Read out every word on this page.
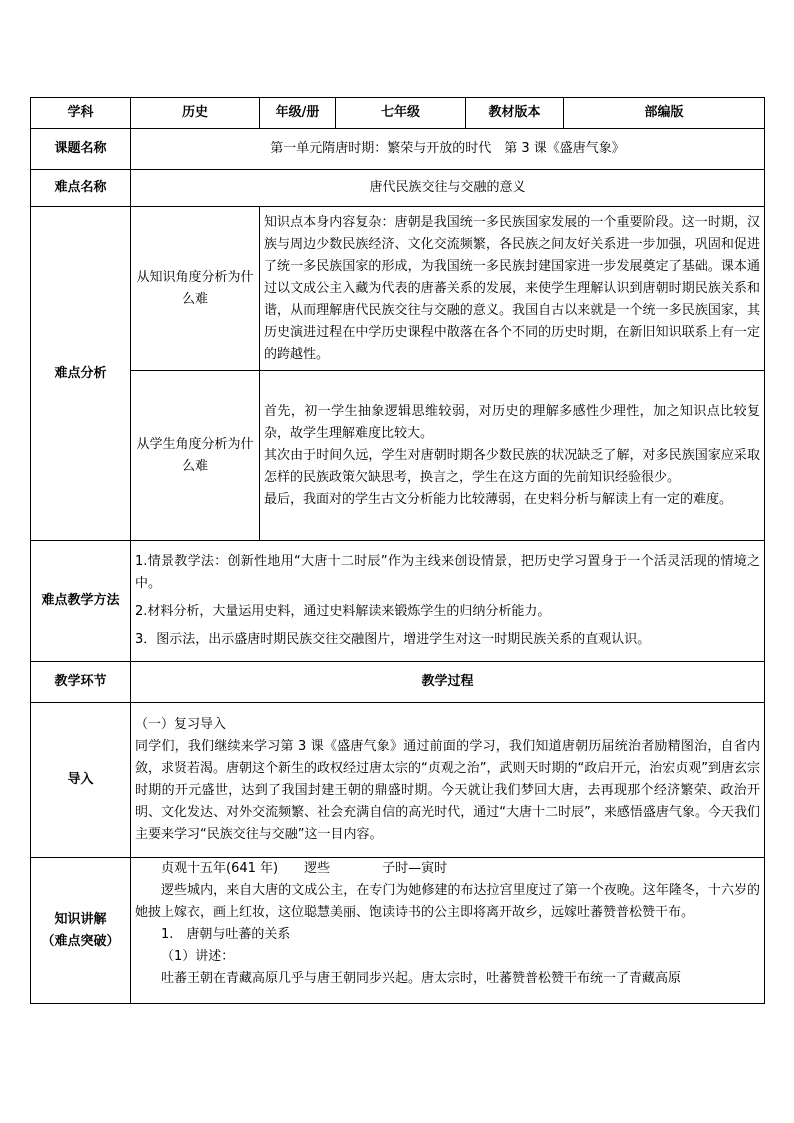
学科	历史	年级/册	七年级	教材版本	部编版
课题名称	第一单元隋唐时期：繁荣与开放的时代　第 3 课《盛唐气象》				
难点名称	唐代民族交往与交融的意义				
难点分析	从知识角度分析为什么难	知识点本身内容复杂：唐朝是我国统一多民族国家发展的一个重要阶段。这一时期，汉族与周边少数民族经济、文化交流频繁，各民族之间友好关系进一步加强，巩固和促进了统一多民族国家的形成，为我国统一多民族封建国家进一步发展奠定了基础。课本通过以文成公主入藏为代表的唐蕃关系的发展，来使学生理解认识到唐朝时期民族关系和谐，从而理解唐代民族交往与交融的意义。我国自古以来就是一个统一多民族国家，其历史演进过程在中学历史课程中散落在各个不同的历史时期，在新旧知识联系上有一定的跨越性。			
	从学生角度分析为什么难	首先，初一学生抽象逻辑思维较弱，对历史的理解多感性少理性，加之知识点比较复杂，故学生理解难度比较大。
其次由于时间久远，学生对唐朝时期各少数民族的状况缺乏了解，对多民族国家应采取怎样的民族政策欠缺思考，换言之，学生在这方面的先前知识经验很少。
最后，我面对的学生古文分析能力比较薄弱，在史料分析与解读上有一定的难度。			

难点教学方法	1.情景教学法：创新性地用“大唐十二时辰”作为主线来创设情景，把历史学习置身于一个活灵活现的情境之中。
2.材料分析，大量运用史料，通过史料解读来锻炼学生的归纳分析能力。
3．图示法，出示盛唐时期民族交往交融图片，增进学生对这一时期民族关系的直观认识。				

教学环节	教学过程				
导入	（一）复习导入
同学们，我们继续来学习第 3 课《盛唐气象》通过前面的学习，我们知道唐朝历届统治者励精图治，自省内敛，求贤若渴。唐朝这个新生的政权经过唐太宗的“贞观之治”，武则天时期的“政启开元，治宏贞观”到唐玄宗时期的开元盛世，达到了我国封建王朝的鼎盛时期。今天就让我们梦回大唐，去再现那个经济繁荣、政治开明、文化发达、对外交流频繁、社会充满自信的高光时代，通过“大唐十二时辰”，来感悟盛唐气象。今天我们主要来学习“民族交往与交融”这一目内容。				

知识讲解
（难点突破）	贞观十五年(641 年)　　逻些　　　　子时—寅时
逻些城内，来自大唐的文成公主，在专门为她修建的布达拉宫里度过了第一个夜晚。这年隆冬，十六岁的她披上嫁衣，画上红妆，这位聪慧美丽、饱读诗书的公主即将离开故乡，远嫁吐蕃赞普松赞干布。
1.　唐朝与吐蕃的关系
（1）讲述：
吐蕃王朝在青藏高原几乎与唐王朝同步兴起。唐太宗时，吐蕃赞普松赞干布统一了青藏高原				
